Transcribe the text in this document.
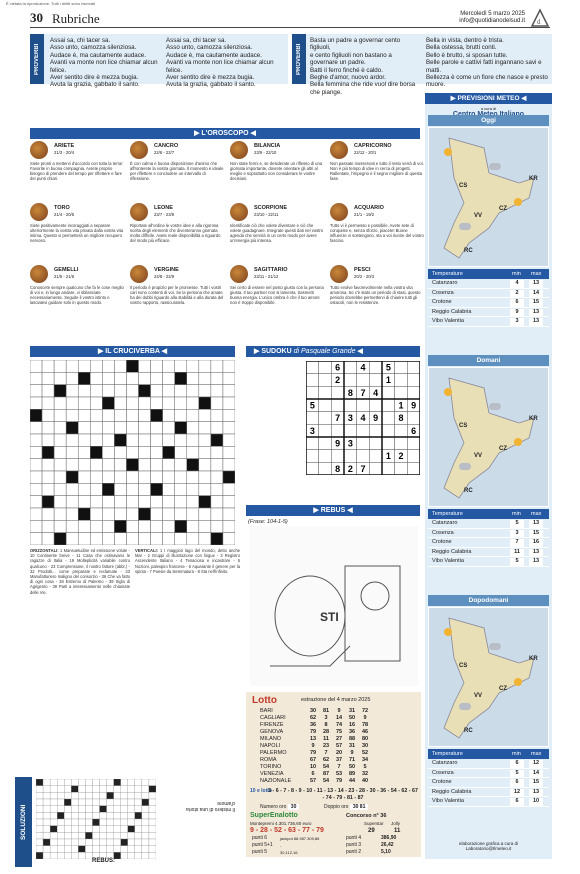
È vietata la riproduzione. Tutti i diritti sono riservati
30 Rubriche	Mercoledì 5 marzo 2025
info@quotidianodelsud.it d
PROVERBI
Assai sa, chi tacer sa.
Asso unto, camozza silenziosa.
Audace è, ma cautamente audace.
Avanti va monte non lice chiamar alcun felice.
Aver sentito dire è mezza bugia.
Avuta la grazia, gabbato il santo.
Assai sa, chi tacer sa.
Asso unto, camozza silenziosa.
Audace è, ma cautamente audace.
Avanti va monte non lice chiamar alcun felice.
Aver sentito dire è mezza bugia.
Avuta la grazia, gabbato il santo.
PROVERBI
Basta un padre a governar cento figliuoli,
e cento figliuoli non bastano a
governare un padre.
Batti il ferro finché è caldo.
Beghe d'amor, nuovo ardor.
Bella femmina che ride vuol dire borsa che piange.
Bella in vista, dentro è trista.
Bella ostessa, brutti conti.
Bello è brutto, si sposan tutte.
Belle parole e cattivi fatti ingannano savi e matti.
Bellezza è come un fiore che nasce e presto muore.
▶ L'OROSCOPO ◀
ARIETE
21/3 - 20/4
Siete pronti a mettervi d'accordo con tutta la terra! Favorite in buona compagnia. Avrete proprio bisogno di prendere del tempo per riflettere e fare dei punti chiari.
TORO
21/4 - 20/5
Siete positivamente incoraggiati a separare ulteriormente la vostra vita privata dalla vostra vita intima. Questo vi permetterà un migliore recupero nervoso.
GEMELLI
21/5 - 21/6
Conoscete sempre qualcuno che fa le cose meglio di voi e, in lungo andare, vi sbilanciate necessariamente. Seguite il vostro istinto e lasciatevi guidare solo in questo modo.
CANCRO
22/6 - 22/7
È con calma e buona disposizione d'animo che affronterete la vostra giornata. Il momento è ideale per riflettere e concludere un intervallo di riflessione.
LEONE
23/7 - 23/8
Riportate all'ordine le vostre idee e alla rigorosa scelta degli elementi che diventeranno giornata molto difficile. Avete reale disponibilità a riguardo del modo più efficace.
VERGINE
24/8 - 22/9
Il periodo è propizio per le promesse. Tutti i vostri cari sono contenti di voi. Se la persona che amate ha dei dubbi riguardo alla stabilità e alla durata del vostro rapporto, rassicuratela.
BILANCIA
23/9 - 22/10
Non state fermi e, se desiderate un riflesso di una giornata importante, dovrete orientare gli altri al meglio e soprattutto non considerare le vostre decisioni.
SCORPIONE
23/10 - 22/11
Identificate ciò che volete diventare e ciò che volete guadagnare. Integrate questi dati nel vostro agenda che servirà in un certo modo per avere un'energia più intensa.
SAGITTARIO
23/11 - 21/12
Sei certo di essere nel posto giusto con la persona giusta. Il tuo partner non si lamenta, trasmetti buona energia. L'unico ombra è che il tuo amore non è troppo disponibile.
CAPRICORNO
22/12 - 20/1
Non passate inosservati e tutto il resto verrà di voi. Non è più tempo di idee in cerca di progetti. Rallentate, l'impegno è il segno migliore di questa fase.
ACQUARIO
21/1 - 19/2
Tutto vi è permesso e possibile. Avete sete di conquiste e, senza sforzo, piacete! Buone influenze vi sostengono, sta a voi riunire del vostro fascino.
PESCI
20/2 - 20/3
Tutto evolve favorevolmente nella vostra vita amorosa. Se c'è stato un periodo di stasi, questo periodo dovrebbe permettervi di chiarire tutti gli ostacoli, non le resistenze.
▶ PREVISIONI METEO ◀
a cura di
Oggi
CS
CZ
KR
VV
RC
Temperature	min max
Catanzaro	4	13
Cosenza	2	14
Crotone	6	15
Reggio Calabria	9	13
Vibo Valentia	3	13
Domani
CS
CZ
KR
VV
RC
Temperature	min max
Catanzaro	5	13
Cosenza	3	15
Crotone	7	16
Reggio Calabria	11	13
Vibo Valentia	5	13
Dopodomani
CS
CZ
KR
VV
RC
Temperature	min max
Catanzaro	6	12
Cosenza	5	14
Crotone	6	15
Reggio Calabria	12	13
Vibo Valentia	6	10
elaborazione grafica a cura di
Laboratorio@Ilmeteo.it
▶ IL CRUCIVERBA ◀	▶ SUDOKU di Pasquale Grande ◀
6 4 5
2	1
8 7 4
5	1 9
7 3 4 9 8
3	6
9 3
1 2
8 2 7
▶ REBUS ◀
(Frase: 104-1-5)
STI
ORIZZONTALI: 1 Mansuetudine ed emissione volute - 10 Continente breve - 11 Casa che ostinavano le ragazze di Italia - 19 Molteplicità variabile contro qualcuno - 23 Comprensione, il nostro fattore (abbr.) - 32 Prodotti... come preparate e reclamate - 33 Manufatturiero maligno del consorzio - 36 Che va fatto di ogni cosa - 38 Estremo di Palermo - 39 Sigla di Agrigento - 39 Parti a interessamento nelle chiamate delle Vie.
VERTICALI: 1 I maggiori lago del mondo, detto anche Mar - 2 Gruppi di illustrazione con lingue - 3 Registro Ascendente Italiano - 4 Tenaciosa e incastrare - 5 Nozioni, palespiro francese - 6 Aquarante il genere per la spinta - 7 Poesie da stemmatura - 8 Sta nell'infinito.
SOLUZIONI
REBUS:
Il mistero di una storia d'amore
Lotto	estrazione del 4 marzo 2025
BARI	30	81	9	31	72
CAGLIARI	62	3	14	50	9
FIRENZE	36	8	74	16	78
GENOVA	79	28	75	36	46
MILANO	13	11	27	88	80
NAPOLI	9	23	57	31	30
PALERMO	79	7	20	9	52
ROMA	67	62	37	71	34
TORINO	10	54	7	50	5
VENEZIA	6	87	53	89	32
NAZIONALE	57	54	79	44	40
10 e lotto
3 - 6 - 7 - 8 - 9 - 10 - 11 - 13 - 14 - 23 - 28 - 30 - 36 - 54 - 62 - 67 - 74 - 79 - 81 - 87
Numero oro 30	Doppio oro 30 81
SuperEnalotto	Concorso n° 36
Montepremi 4.301.736,60 euro
9 - 28 - 52 - 63 - 77 - 79
Superstar Jolly
29	11
punti 6	jackpot 88.987.309,86	punti 4	386,90
punti 5+1 -	punti 3	26,42
punti 5	30.112,16	punti 2	5,10
